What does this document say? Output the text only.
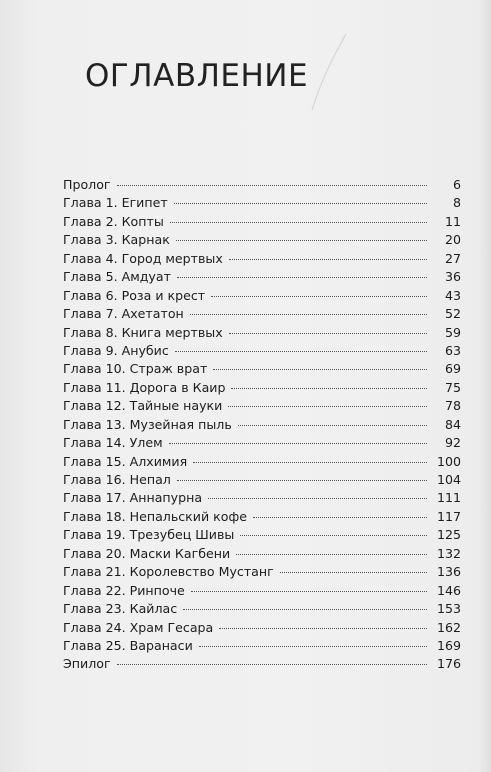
ОГЛАВЛЕНИЕ
Пролог	6
Глава 1. Египет	8
Глава 2. Копты	11
Глава 3. Карнак	20
Глава 4. Город мертвых	27
Глава 5. Амдуат	36
Глава 6. Роза и крест	43
Глава 7. Ахетатон	52
Глава 8. Книга мертвых	59
Глава 9. Анубис	63
Глава 10. Страж врат	69
Глава 11. Дорога в Каир	75
Глава 12. Тайные науки	78
Глава 13. Музейная пыль	84
Глава 14. Улем	92
Глава 15. Алхимия	100
Глава 16. Непал	104
Глава 17. Аннапурна	111
Глава 18. Непальский кофе	117
Глава 19. Трезубец Шивы	125
Глава 20. Маски Кагбени	132
Глава 21. Королевство Мустанг	136
Глава 22. Ринпоче	146
Глава 23. Кайлас	153
Глава 24. Храм Гесара	162
Глава 25. Варанаси	169
Эпилог	176
